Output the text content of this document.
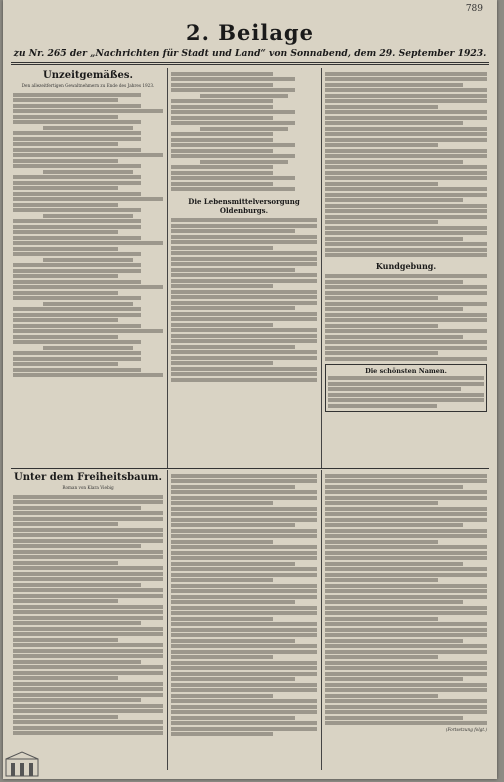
789
2. Beilage
zu Nr. 265 der „Nachrichten für Stadt und Land“ von Sonnabend, dem 29. September 1923.
Unzeitgemäßes.
Den allezeitfertigen Gewaltnehmern zu Ende des Jahres 1923.
Die Lebensmittelversorgung Oldenburgs.
Kundgebung.
Die schönsten Namen.
Unter dem Freiheitsbaum.
Roman von Klara Viebig
(Fortsetzung folgt.)
